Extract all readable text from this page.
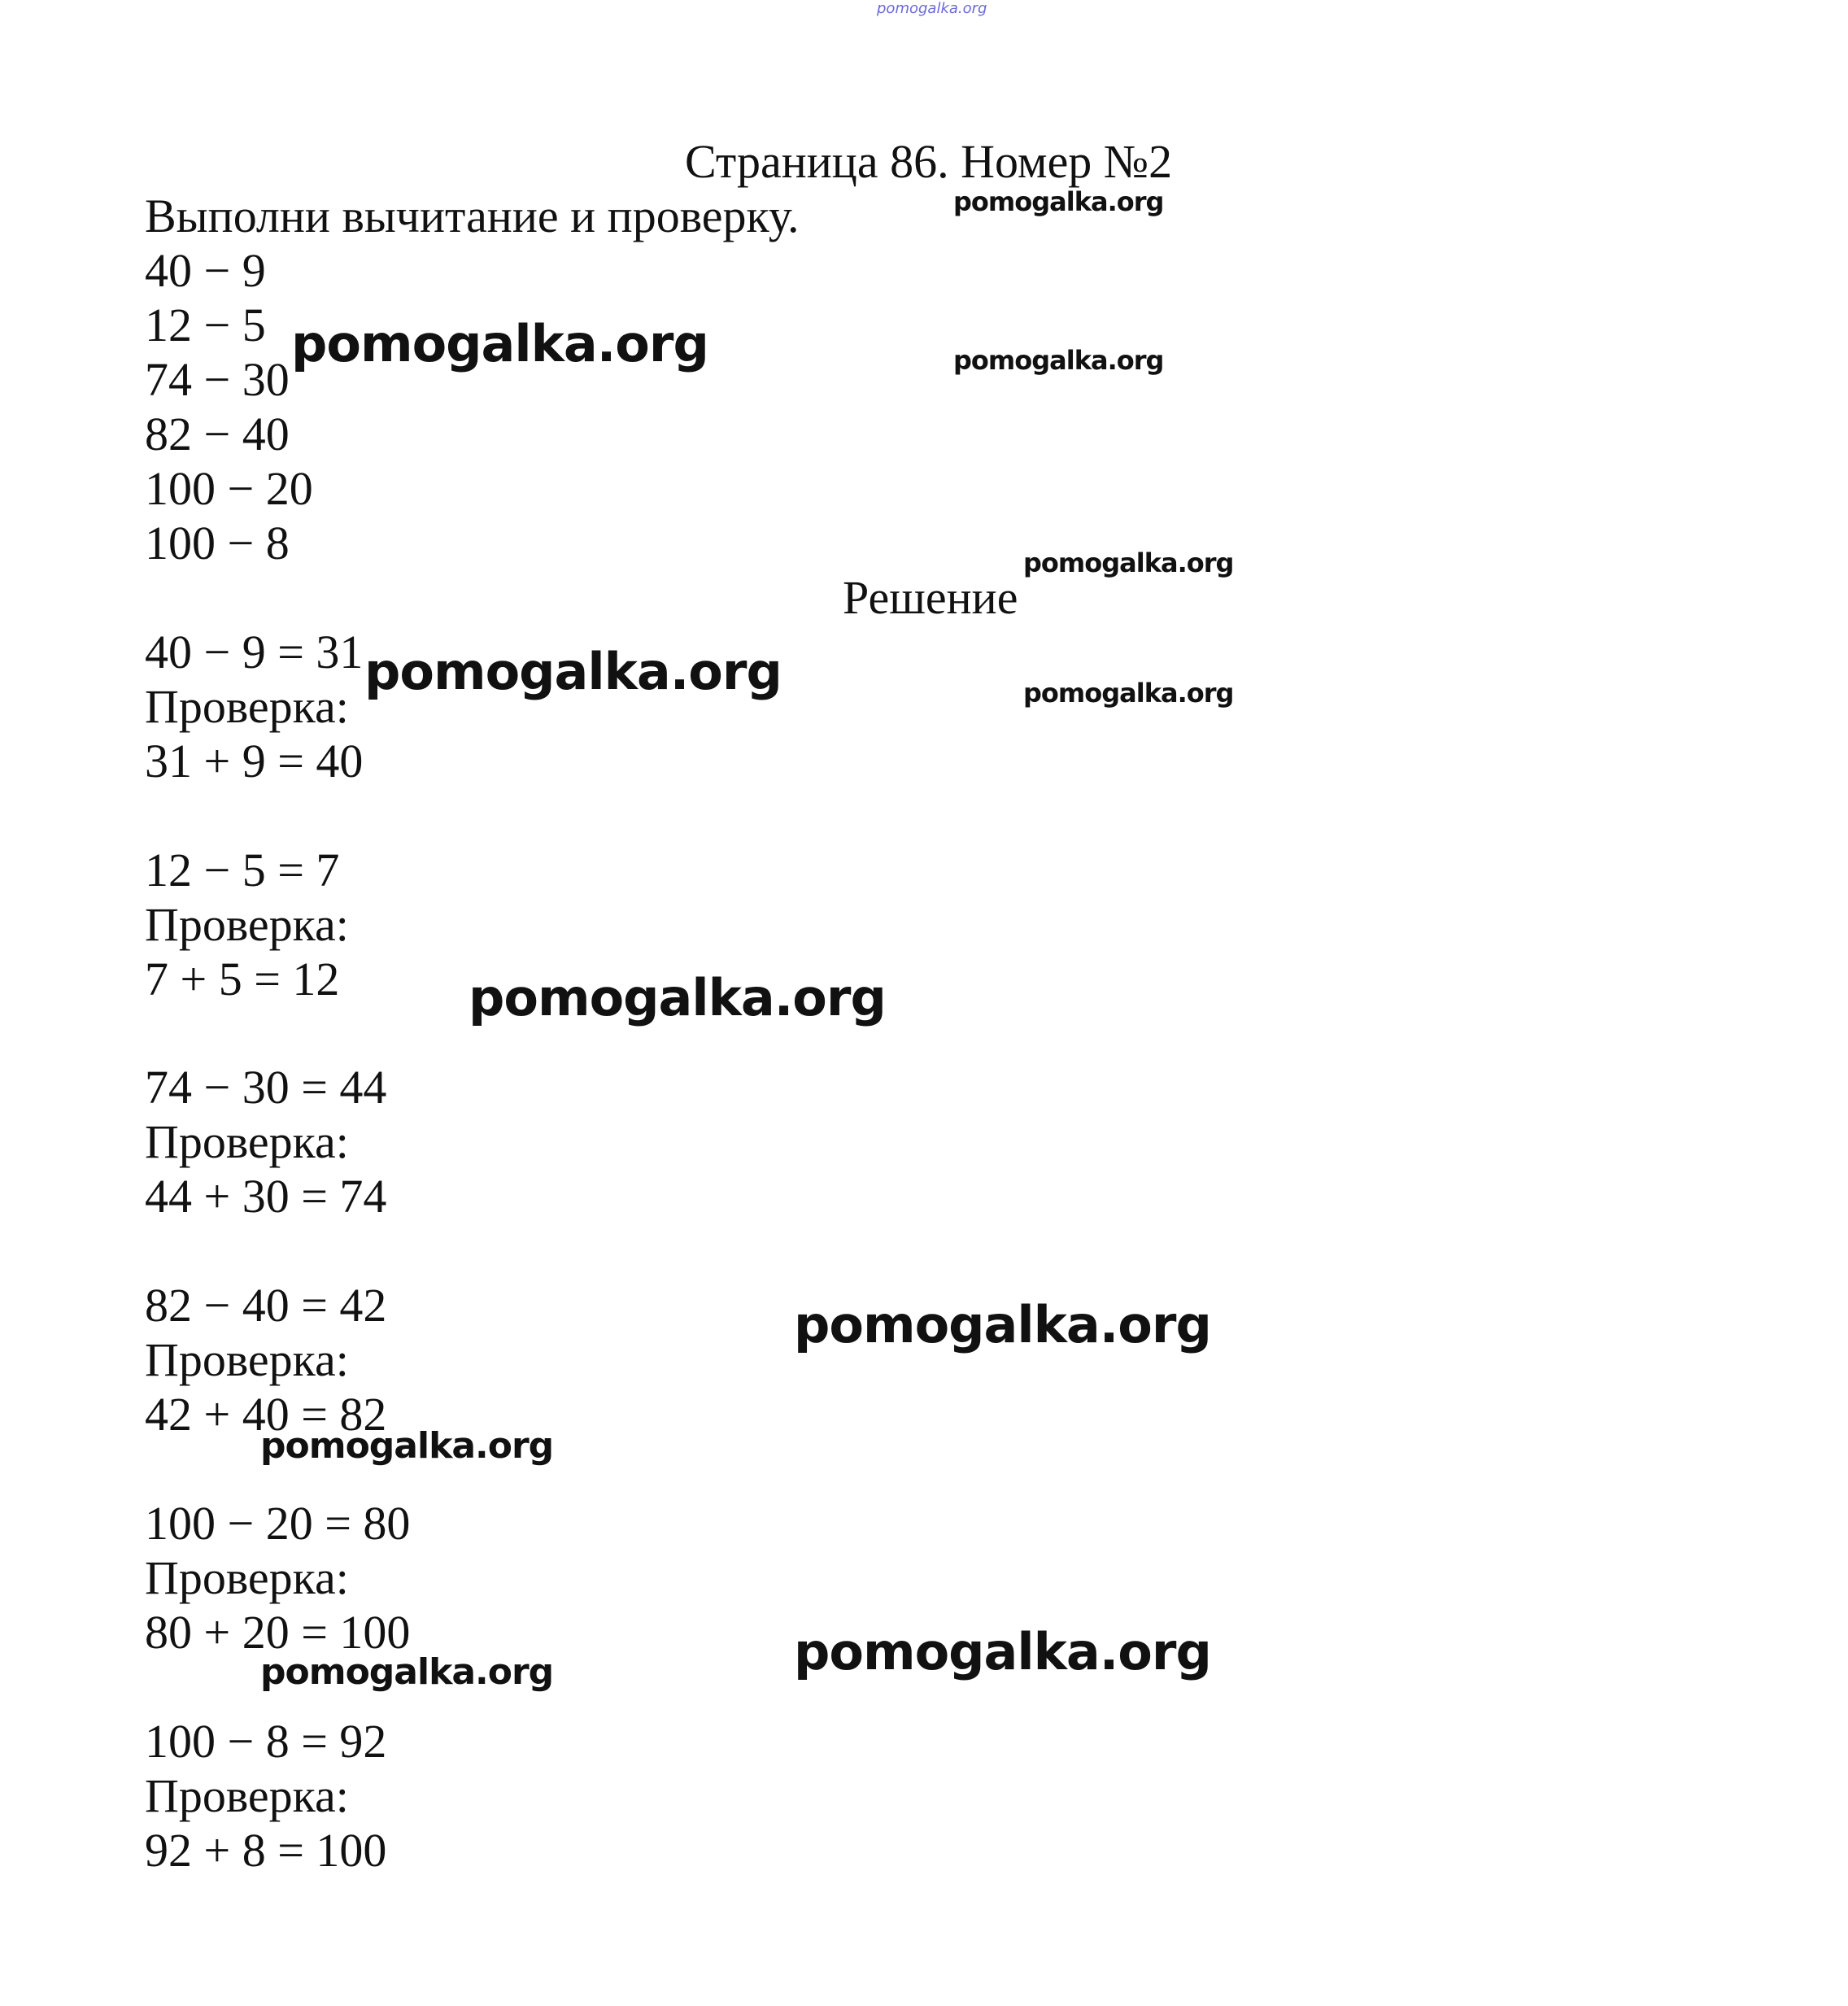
Страница 86. Номер №2
Выполни вычитание и проверку.
40 − 9
12 − 5
74 − 30
82 − 40
100 − 20
100 − 8
Решение
40 − 9 = 31
Проверка:
31 + 9 = 40
12 − 5 = 7
Проверка:
7 + 5 = 12
74 − 30 = 44
Проверка:
44 + 30 = 74
82 − 40 = 42
Проверка:
42 + 40 = 82
100 − 20 = 80
Проверка:
80 + 20 = 100
100 − 8 = 92
Проверка:
92 + 8 = 100
pomogalka.org
pomogalka.org
pomogalka.org	pomogalka.org
pomogalka.org
pomogalka.org	pomogalka.org
pomogalka.org
pomogalka.org
pomogalka.org
pomogalka.org	pomogalka.org
